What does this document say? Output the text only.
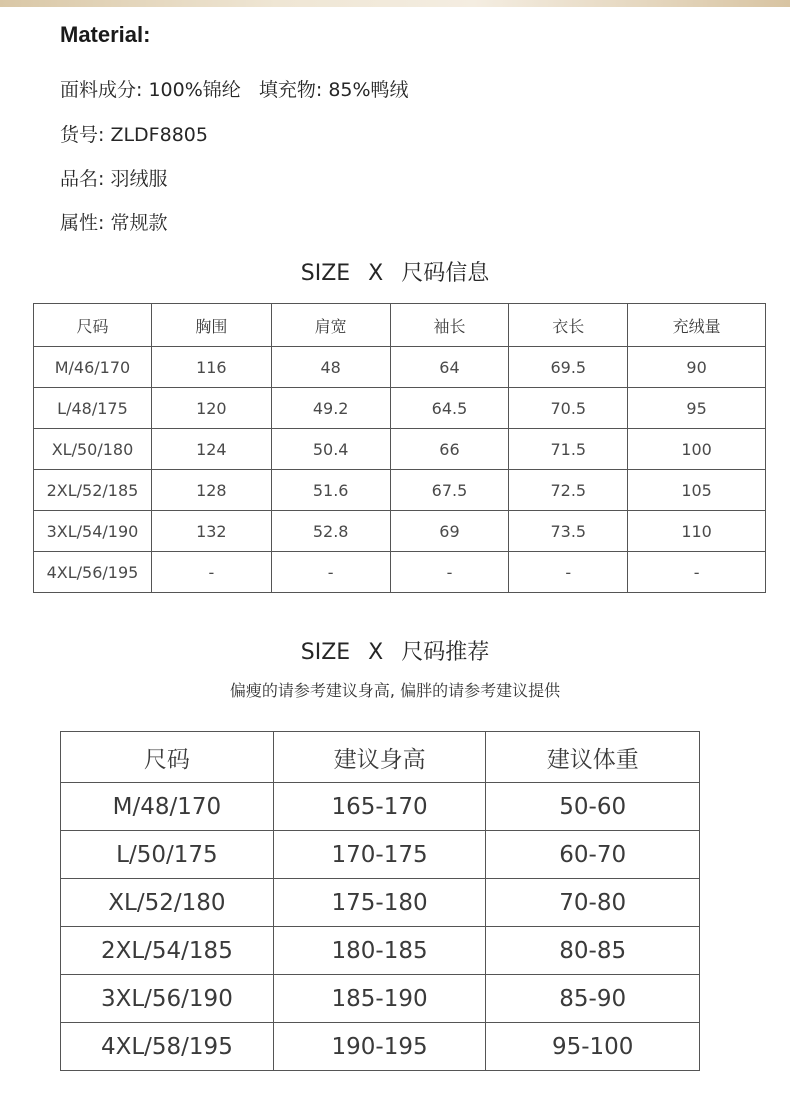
Material:
面料成分: 100%锦纶   填充物: 85%鸭绒
货号: ZLDF8805
品名: 羽绒服
属性: 常规款
SIZE X 尺码信息
尺码	胸围	肩宽	袖长	衣长	充绒量
M/46/170	116	48	64	69.5	90
L/48/175	120	49.2	64.5	70.5	95
XL/50/180	124	50.4	66	71.5	100
2XL/52/185	128	51.6	67.5	72.5	105
3XL/54/190	132	52.8	69	73.5	110
4XL/56/195	-	-	-	-	-
SIZE X 尺码推荐
偏瘦的请参考建议身高, 偏胖的请参考建议提供
尺码	建议身高	建议体重
M/48/170	165-170	50-60
L/50/175	170-175	60-70
XL/52/180	175-180	70-80
2XL/54/185	180-185	80-85
3XL/56/190	185-190	85-90
4XL/58/195	190-195	95-100
